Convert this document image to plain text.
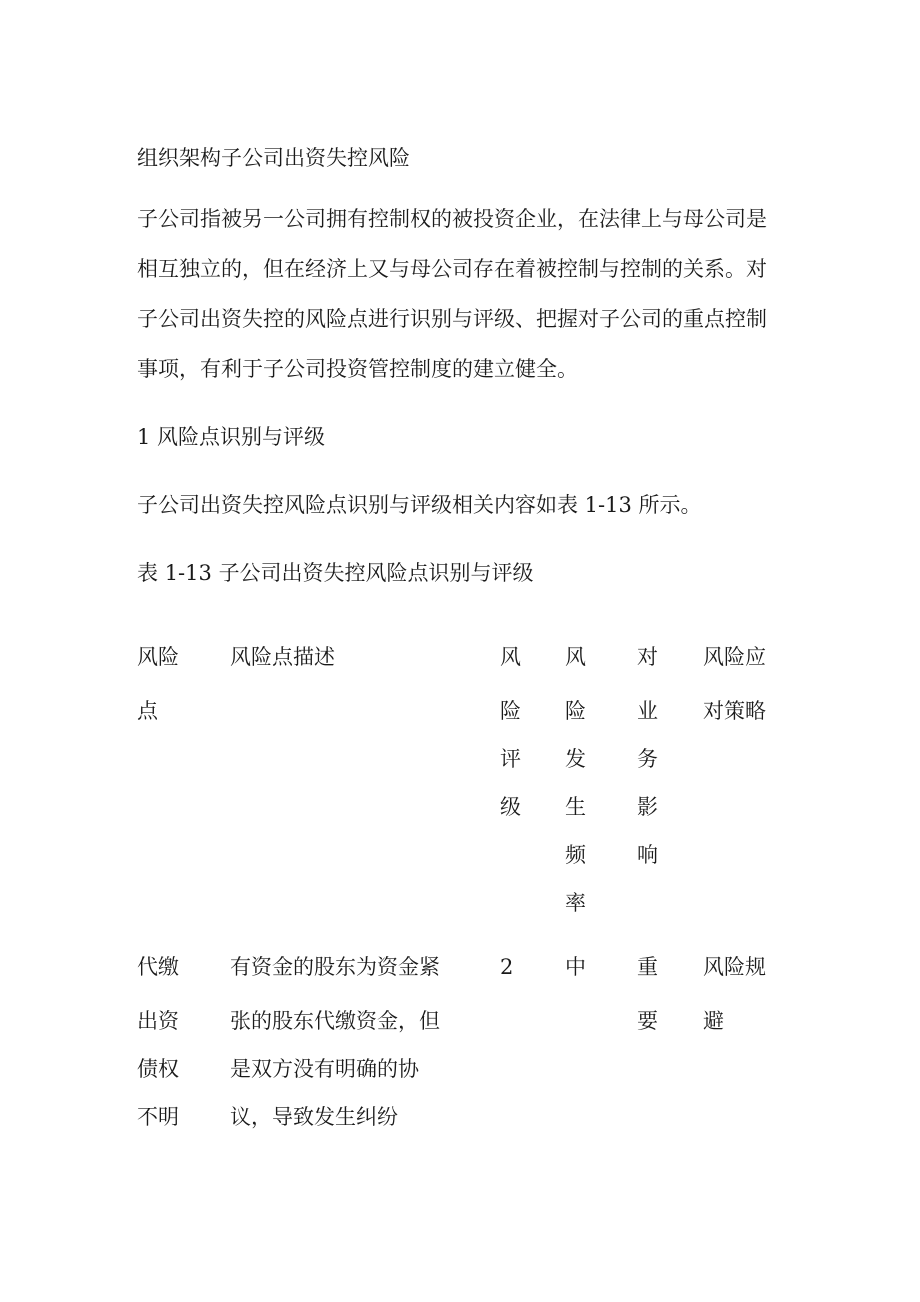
组织架构子公司出资失控风险
子公司指被另一公司拥有控制权的被投资企业，在法律上与母公司是
相互独立的，但在经济上又与母公司存在着被控制与控制的关系。对
子公司出资失控的风险点进行识别与评级、把握对子公司的重点控制
事项，有利于子公司投资管控制度的建立健全。
1 风险点识别与评级
子公司出资失控风险点识别与评级相关内容如表 1-13 所示。
表 1-13 子公司出资失控风险点识别与评级
风险
点
风险点描述	风
险
评
级
风
险
发
生
频
率
对
业
务
影
响
风险应
对策略
代缴
出资
债权
不明
有资金的股东为资金紧
张的股东代缴资金，但
是双方没有明确的协
议，导致发生纠纷
2 中 重
要
风险规
避
